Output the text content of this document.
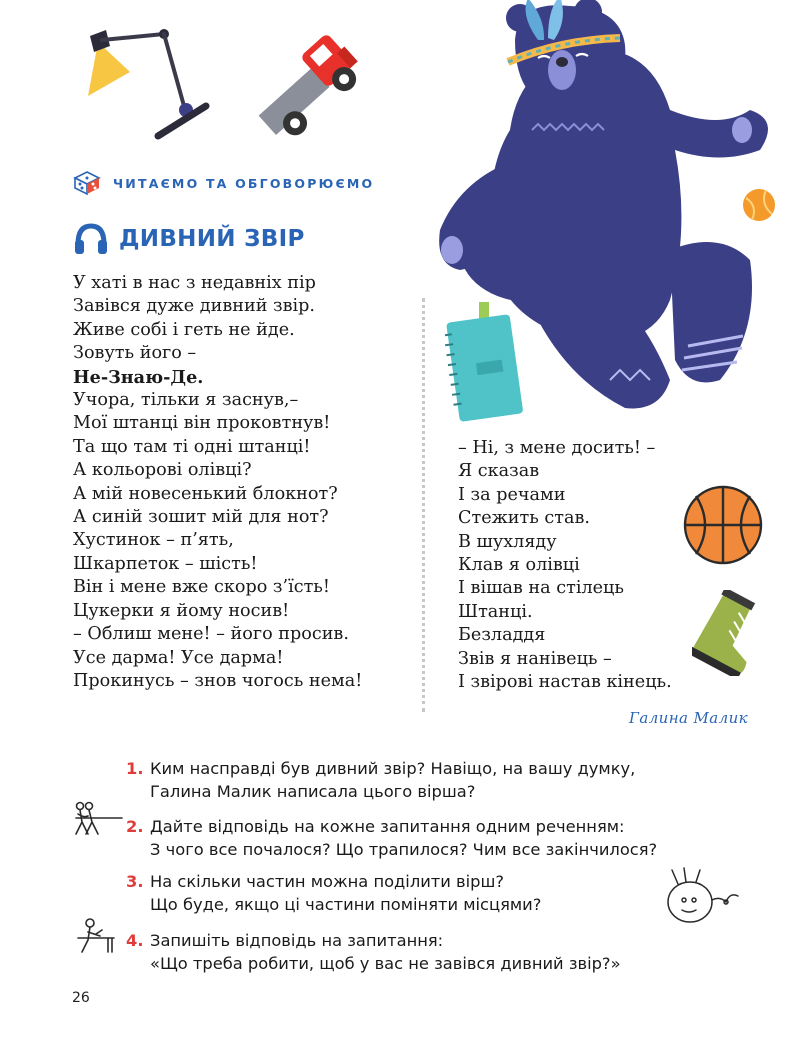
ЧИТАЄМО ТА ОБГОВОРЮЄМО
ДИВНИЙ ЗВІР
У хаті в нас з недавніх пір
Завівся дуже дивний звір.
Живе собі і геть не йде.
Зовуть його –
Не-Знаю-Де.
Учора, тільки я заснув,–
Мої штанці він проковтнув!
Та що там ті одні штанці!
А кольорові олівці?
А мій новесенький блокнот?
А синій зошит мій для нот?
Хустинок – п’ять,
Шкарпеток – шість!
Він і мене вже скоро з’їсть!
Цукерки я йому носив!
– Облиш мене! – його просив.
Усе дарма! Усе дарма!
Прокинусь – знов чогось нема!
– Ні, з мене досить! –
Я сказав
І за речами
Стежить став.
В шухляду
Клав я олівці
І вішав на стілець
Штанці.
Безладдя
Звів я нанівець –
І звірові настав кінець.
Галина Малик
1. Ким насправді був дивний звір? Навіщо, на вашу думку,
Галина Малик написала цього вірша?
2. Дайте відповідь на кожне запитання одним реченням:
З чого все почалося? Що трапилося? Чим все закінчилося?
3. На скільки частин можна поділити вірш?
Що буде, якщо ці частини поміняти місцями?
4. Запишіть відповідь на запитання:
«Що треба робити, щоб у вас не завівся дивний звір?»
26
